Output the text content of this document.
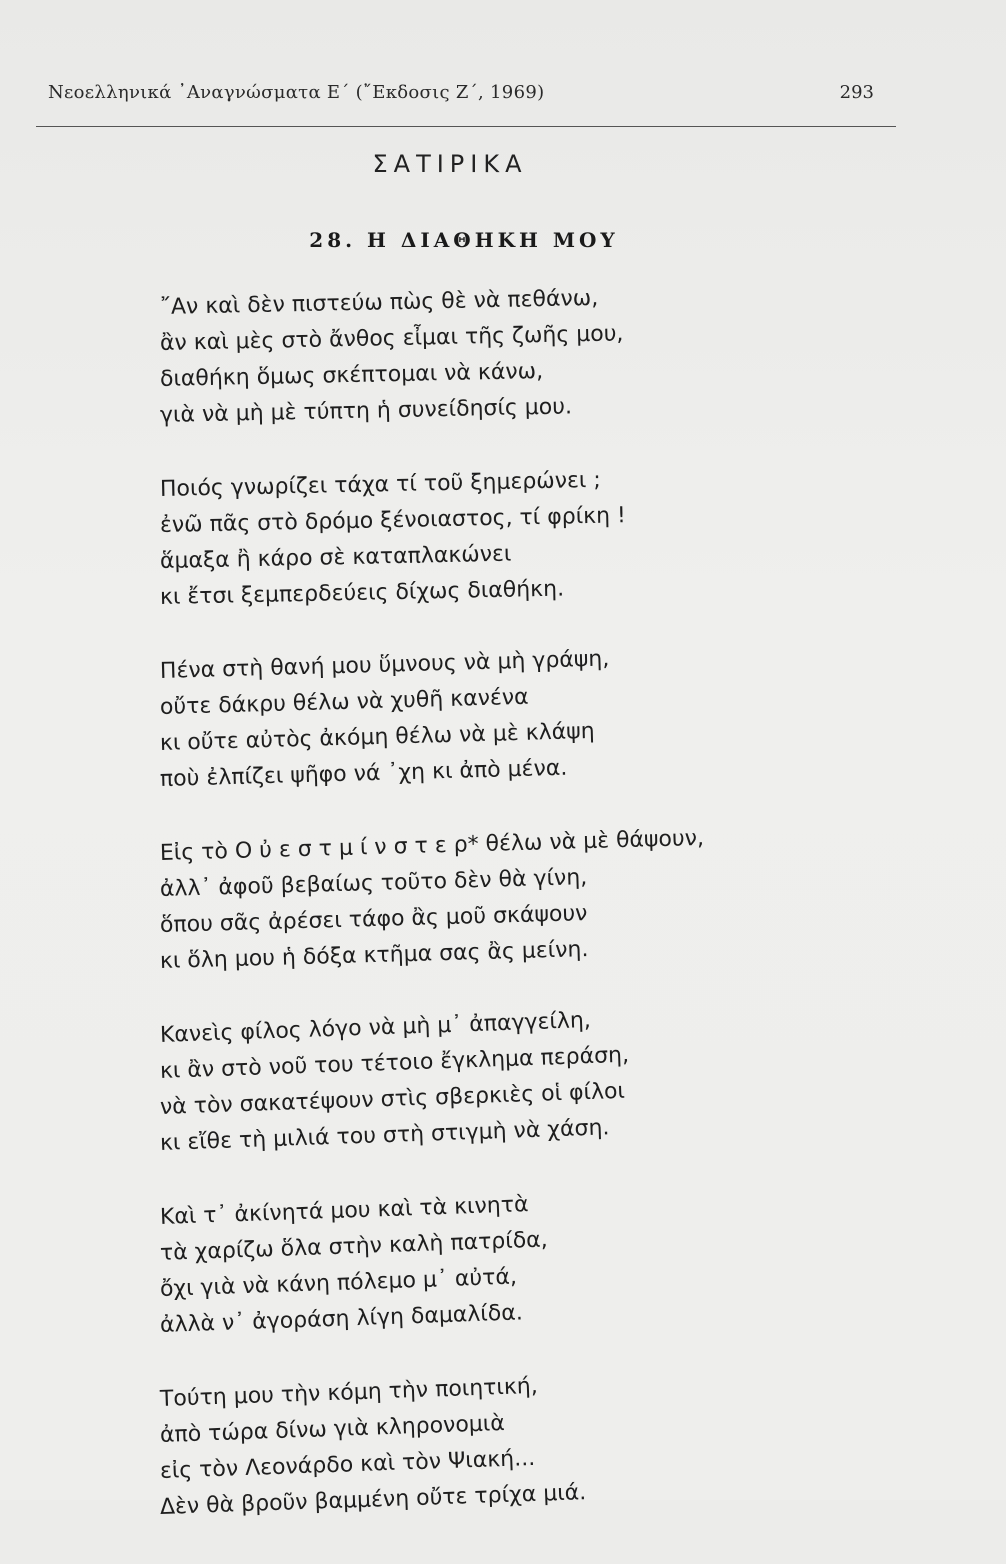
Νεοελληνικά ᾿Αναγνώσματα Ε΄ (῎Εκδοσις Ζ΄, 1969)	293
ΣΑΤΙΡΙΚΑ
28. Η ΔΙΑΘΗΚΗ ΜΟΥ
῎Αν καὶ δὲν πιστεύω πὼς θὲ νὰ πεθάνω,
ἂν καὶ μὲς στὸ ἄνθος εἶμαι τῆς ζωῆς μου,
διαθήκη ὅμως σκέπτομαι νὰ κάνω,
γιὰ νὰ μὴ μὲ τύπτη ἡ συνείδησίς μου.
Ποιός γνωρίζει τάχα τί τοῦ ξημερώνει ;
ἐνῶ πᾶς στὸ δρόμο ξένοιαστος, τί φρίκη !
ἅμαξα ἢ κάρο σὲ καταπλακώνει
κι ἔτσι ξεμπερδεύεις δίχως διαθήκη.
Πένα στὴ θανή μου ὕμνους νὰ μὴ γράψη,
οὔτε δάκρυ θέλω νὰ χυθῆ κανένα
κι οὔτε αὐτὸς ἀκόμη θέλω νὰ μὲ κλάψη
ποὺ ἐλπίζει ψῆφο νά ᾿χη κι ἀπὸ μένα.
Εἰς τὸ Ο ὐ ε σ τ μ ί ν σ τ ε ρ* θέλω νὰ μὲ θάψουν,
ἀλλ᾿ ἀφοῦ βεβαίως τοῦτο δὲν θὰ γίνη,
ὅπου σᾶς ἀρέσει τάφο ἂς μοῦ σκάψουν
κι ὅλη μου ἡ δόξα κτῆμα σας ἂς μείνη.
Κανεὶς φίλος λόγο νὰ μὴ μ᾿ ἀπαγγείλη,
κι ἂν στὸ νοῦ του τέτοιο ἔγκλημα περάση,
νὰ τὸν σακατέψουν στὶς σβερκιὲς οἱ φίλοι
κι εἴθε τὴ μιλιά του στὴ στιγμὴ νὰ χάση.
Καὶ τ᾿ ἀκίνητά μου καὶ τὰ κινητὰ
τὰ χαρίζω ὅλα στὴν καλὴ πατρίδα,
ὄχι γιὰ νὰ κάνη πόλεμο μ᾿ αὐτά,
ἀλλὰ ν᾿ ἀγοράση λίγη δαμαλίδα.
Τούτη μου τὴν κόμη τὴν ποιητική,
ἀπὸ τώρα δίνω γιὰ κληρονομιὰ
εἰς τὸν Λεονάρδο καὶ τὸν Ψιακή...
Δὲν θὰ βροῦν βαμμένη οὔτε τρίχα μιά.
